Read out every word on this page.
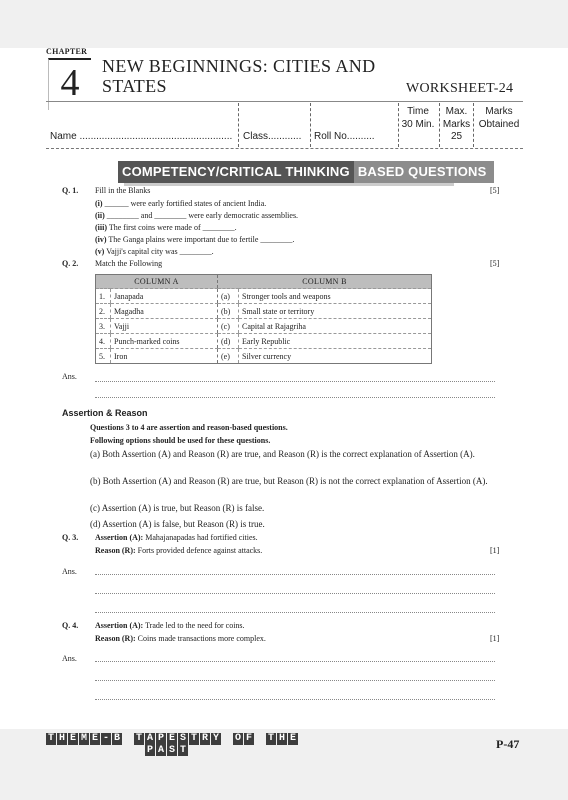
CHAPTER
4	NEW BEGINNINGS: CITIES AND
STATES	WORKSHEET-24
Time
30 Min.
Max.
Marks
25
Marks
Obtained
Name ....................................................... Class............ Roll No..........
COMPETENCY/CRITICAL THINKING BASED QUESTIONS
Q. 1. Fill in the Blanks	[5]
(i) ______ were early fortified states of ancient India.
(ii) ________ and ________ were early democratic assemblies.
(iii) The first coins were made of ________.
(iv) The Ganga plains were important due to fertile ________.
(v) Vajji's capital city was ________.
Q. 2. Match the Following	[5]
COLUMN A		COLUMN B	
1.	Janapada	(a)	Stronger tools and weapons
2.	Magadha	(b)	Small state or territory
3.	Vajji	(c)	Capital at Rajagriha
4.	Punch-marked coins	(d)	Early Republic
5.	Iron	(e)	Silver currency
Ans.
Assertion & Reason
Questions 3 to 4 are assertion and reason-based questions.
Following options should be used for these questions.
(a) Both Assertion (A) and Reason (R) are true, and Reason (R) is the correct explanation of Assertion (A).
(b) Both Assertion (A) and Reason (R) are true, but Reason (R) is not the correct explanation of Assertion (A).
(c) Assertion (A) is true, but Reason (R) is false.
(d) Assertion (A) is false, but Reason (R) is true.
Q. 3. Assertion (A): Mahajanapadas had fortified cities.
Reason (R): Forts provided defence against attacks.	[1]
Ans.
Q. 4. Assertion (A): Trade led to the need for coins.
Reason (R): Coins made transactions more complex.	[1]
Ans.
T H E M E - B T A P E S T R Y O F T H E
P A S T	P-47
